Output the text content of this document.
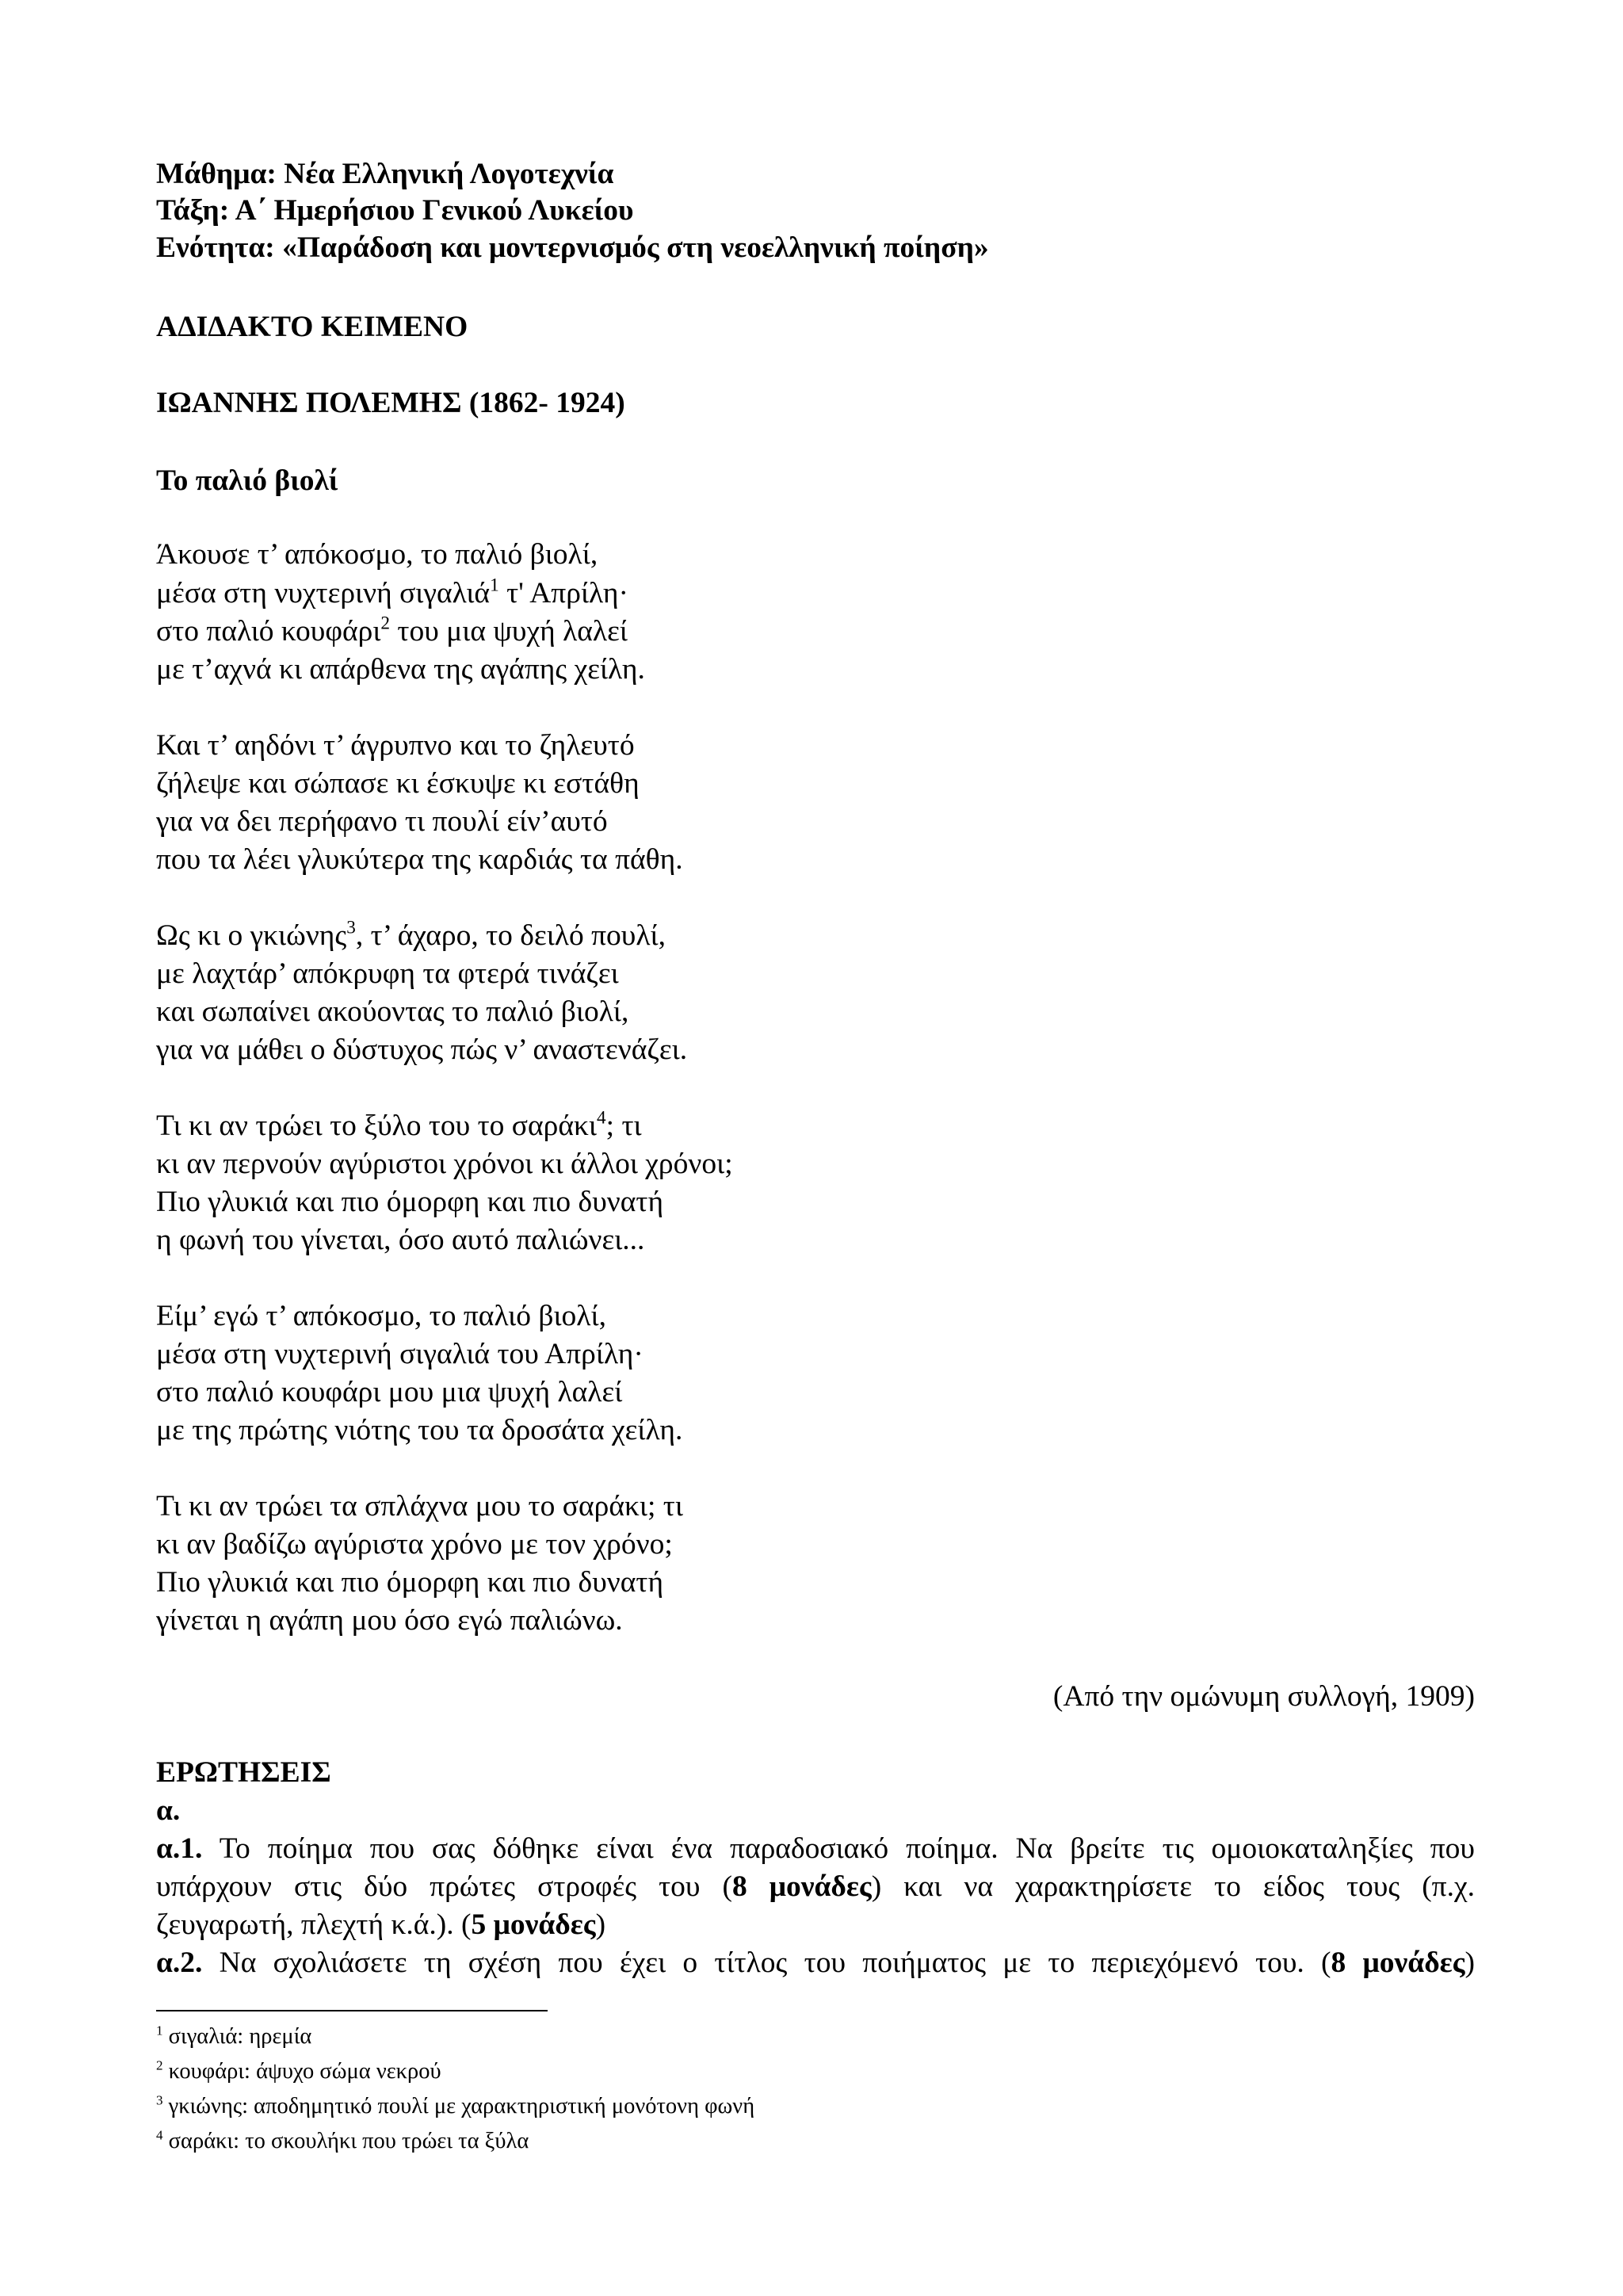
Μάθημα: Νέα Ελληνική Λογοτεχνία
Τάξη: Α΄ Ημερήσιου Γενικού Λυκείου
Ενότητα: «Παράδοση και μοντερνισμός στη νεοελληνική ποίηση»
ΑΔΙΔΑΚΤΟ ΚΕΙΜΕΝΟ
ΙΩΑΝΝΗΣ ΠΟΛΕΜΗΣ (1862- 1924)
Το παλιό βιολί
Άκουσε τ’ απόκοσμο, το παλιό βιολί,
μέσα στη νυχτερινή σιγαλιά$^1$ τ' Απρίλη·
στο παλιό κουφάρι$^2$ του μια ψυχή λαλεί
με τ’αχνά κι απάρθενα της αγάπης χείλη.
Και τ’ αηδόνι τ’ άγρυπνο και το ζηλευτό
ζήλεψε και σώπασε κι έσκυψε κι εστάθη
για να δει περήφανο τι πουλί είν’αυτό
που τα λέει γλυκύτερα της καρδιάς τα πάθη.
Ως κι ο γκιώνης$^3$, τ’ άχαρο, το δειλό πουλί,
με λαχτάρ’ απόκρυφη τα φτερά τινάζει
και σωπαίνει ακούοντας το παλιό βιολί,
για να μάθει ο δύστυχος πώς ν’ αναστενάζει.
Τι κι αν τρώει το ξύλο του το σαράκι$^4$; τι
κι αν περνούν αγύριστοι χρόνοι κι άλλοι χρόνοι;
Πιο γλυκιά και πιο όμορφη και πιο δυνατή
η φωνή του γίνεται, όσο αυτό παλιώνει...
Είμ’ εγώ τ’ απόκοσμο, το παλιό βιολί,
μέσα στη νυχτερινή σιγαλιά του Απρίλη·
στο παλιό κουφάρι μου μια ψυχή λαλεί
με της πρώτης νιότης του τα δροσάτα χείλη.
Τι κι αν τρώει τα σπλάχνα μου το σαράκι; τι
κι αν βαδίζω αγύριστα χρόνο με τον χρόνο;
Πιο γλυκιά και πιο όμορφη και πιο δυνατή
γίνεται η αγάπη μου όσο εγώ παλιώνω.
(Από την ομώνυμη συλλογή, 1909)
ΕΡΩΤΗΣΕΙΣ
α.
α.1. Το ποίημα που σας δόθηκε είναι ένα παραδοσιακό ποίημα. Να βρείτε τις ομοιοκαταληξίες που
υπάρχουν στις δύο πρώτες στροφές του (8 μονάδες) και να χαρακτηρίσετε το είδος τους (π.χ.
ζευγαρωτή, πλεχτή κ.ά.). (5 μονάδες)
α.2. Να σχολιάσετε τη σχέση που έχει ο τίτλος του ποιήματος με το περιεχόμενό του. (8 μονάδες)
$^1$ σιγαλιά: ηρεμία
$^2$ κουφάρι: άψυχο σώμα νεκρού
$^3$ γκιώνης: αποδημητικό πουλί με χαρακτηριστική μονότονη φωνή
$^4$ σαράκι: το σκουλήκι που τρώει τα ξύλα
